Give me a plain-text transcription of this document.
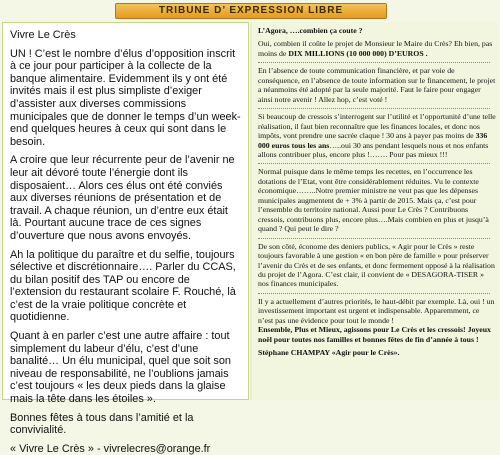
TRIBUNE D’ EXPRESSION LIBRE

Vivre Le Crès

UN ! C’est le nombre d’élus d’opposition inscrit à ce jour pour participer à la collecte de la banque alimentaire. Evidemment ils y ont été invités mais il est plus simpliste d’exiger d’assister aux diverses commissions municipales que de donner le temps d’un week-end quelques heures à ceux qui sont dans le besoin.

A croire que leur récurrente peur de l’avenir ne leur ait dévoré toute l’énergie dont ils disposaient… Alors ces élus ont été conviés aux diverses réunions de présentation et de travail. A chaque réunion, un d’entre eux était là. Pourtant aucune trace de ces signes d’ouverture que nous avons envoyés.

Ah la politique du paraître et du selfie, toujours sélective et discrétionnaire…. Parler du CCAS, du bilan positif des TAP ou encore de l’extension du restaurant scolaire F. Rouché, là c’est de la vraie politique concrète et quotidienne.

Quant à en parler c’est une autre affaire : tout simplement du labeur d’élu, c’est d’une banalité… Un élu municipal, quel que soit son niveau de responsabilité, ne l’oublions jamais c’est toujours « les deux pieds dans la glaise mais la tête dans les étoiles ».

Bonnes fêtes à tous dans l’amitié et la convivialité.

« Vivre Le Crès » - vivrelecres@orange.fr

L’Agora, ….combien ça coute ?

Oui, combien il coûte le projet de Monsieur le Maire du Crès? Eh bien, pas moins de DIX MILLIONS (10 000 000) D’EUROS .

En l’absence de toute communication financière, et par voie de conséquence, en l’absence de toute information sur le financement, le projet a néanmoins été adopté par la seule majorité. Faut le faire pour engager ainsi notre avenir ! Allez hop, c’est voté !

Si beaucoup de cressois s’interrogent sur l’utilité et l’opportunité d’une telle réalisation, il faut bien reconnaître que les finances locales, et donc nos impôts, vont prendre une sacrée claque ! 30 ans à payer pas moins de 336 000 euros tous les ans…..oui 30 ans pendant lesquels nous et nos enfants allons contribuer plus, encore plus !……. Pour pas mieux !!!

Normal puisque dans le même temps les recettes, en l’occurrence les dotations de l’Etat, vont être considérablement réduites. Vu le contexte économique……..Notre premier ministre ne veut pas que les dépenses municipales augmentent de + 3% à partir de 2015. Mais ça, c’est pour l’ensemble du territoire national. Aussi pour Le Crès ? Contribuons cressois, contribuons plus, encore plus….Mais combien en plus et jusqu’à quand ? Qui peut le dire ?

De son côté, économe des deniers publics, « Agir pour le Crès » reste toujours favorable à une gestion « en bon père de famille » pour préserver l’avenir du Crès et de ses enfants, et donc fermement opposé à la réalisation du projet de l’Agora. C’est clair, il convient de « DESAGORA-TISER » nos finances municipales.

Il y a actuellement d’autres priorités, le haut-débit par exemple. Là, oui ! un investissement important est urgent et indispensable. Apparemment, ce n’est pas une évidence pour tout le monde !
Ensemble, Plus et Mieux, agissons pour Le Crès et les cressois! Joyeux noël pour toutes nos familles et bonnes fêtes de fin d’année à tous !

Stéphane CHAMPAY «Agir pour le Crès».
